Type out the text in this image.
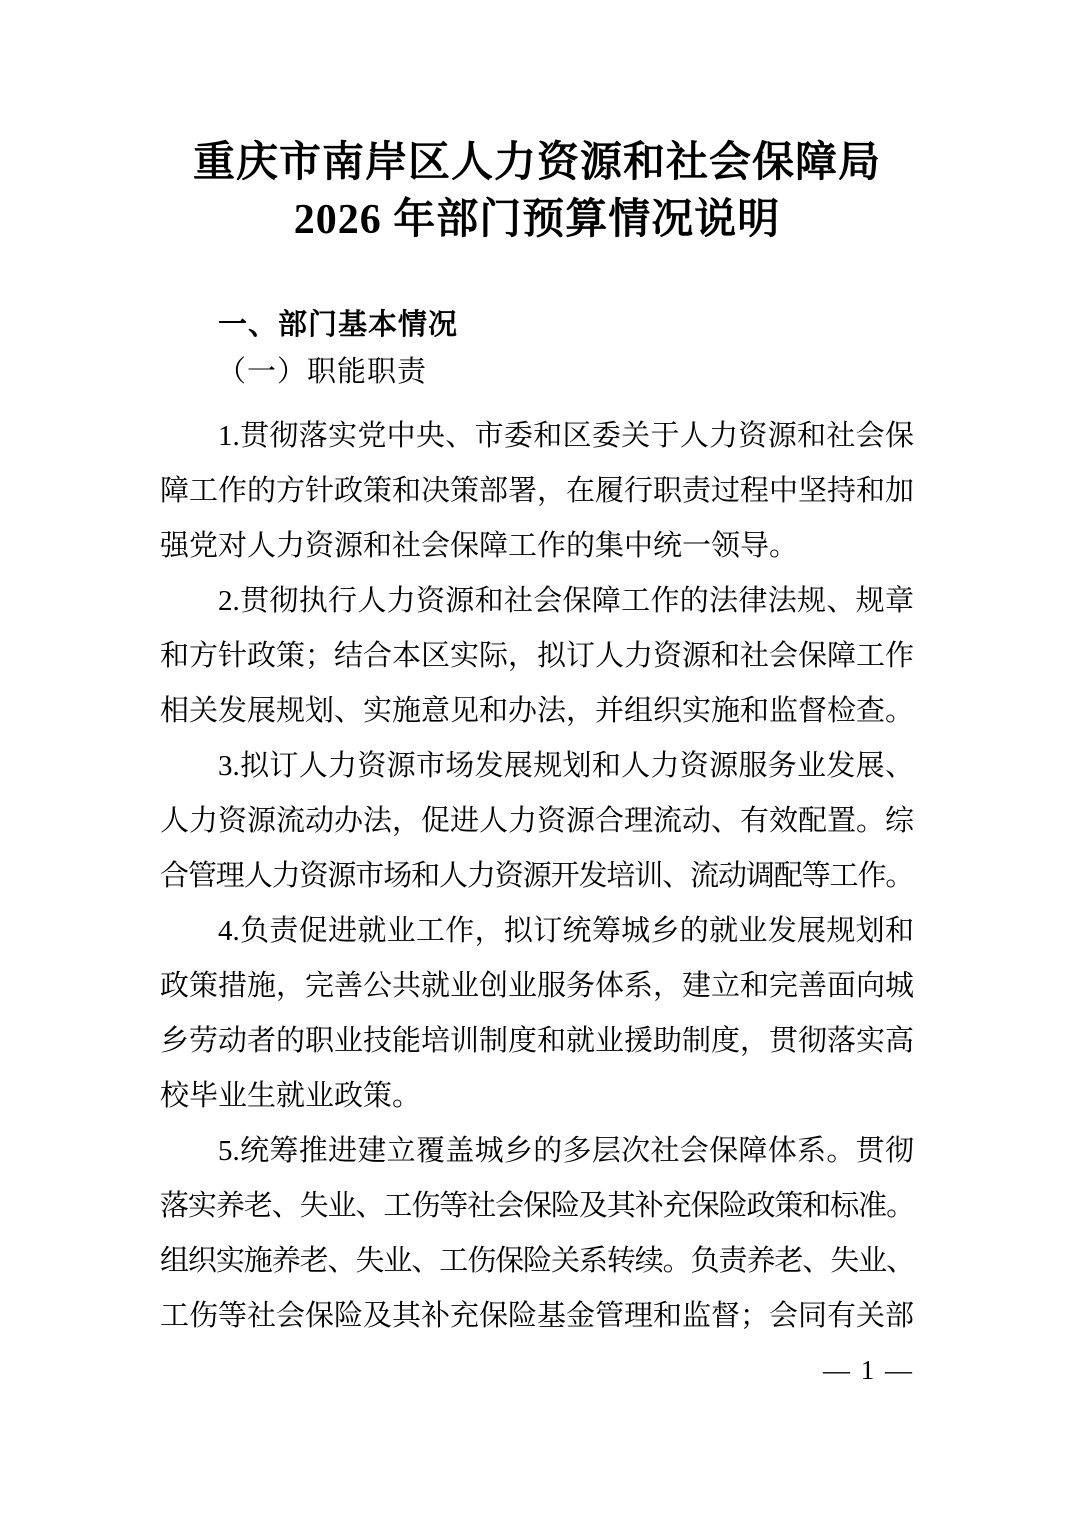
重庆市南岸区人力资源和社会保障局
2026 年部门预算情况说明
一、部门基本情况
（一）职能职责
1.贯彻落实党中央、市委和区委关于人力资源和社会保
障工作的方针政策和决策部署，在履行职责过程中坚持和加
强党对人力资源和社会保障工作的集中统一领导。
2.贯彻执行人力资源和社会保障工作的法律法规、规章
和方针政策；结合本区实际，拟订人力资源和社会保障工作
相关发展规划、实施意见和办法，并组织实施和监督检查。
3.拟订人力资源市场发展规划和人力资源服务业发展、
人力资源流动办法，促进人力资源合理流动、有效配置。综
合管理人力资源市场和人力资源开发培训、流动调配等工作。
4.负责促进就业工作，拟订统筹城乡的就业发展规划和
政策措施，完善公共就业创业服务体系，建立和完善面向城
乡劳动者的职业技能培训制度和就业援助制度，贯彻落实高
校毕业生就业政策。
5.统筹推进建立覆盖城乡的多层次社会保障体系。贯彻
落实养老、失业、工伤等社会保险及其补充保险政策和标准。
组织实施养老、失业、工伤保险关系转续。负责养老、失业、
工伤等社会保险及其补充保险基金管理和监督；会同有关部
— 1 —
